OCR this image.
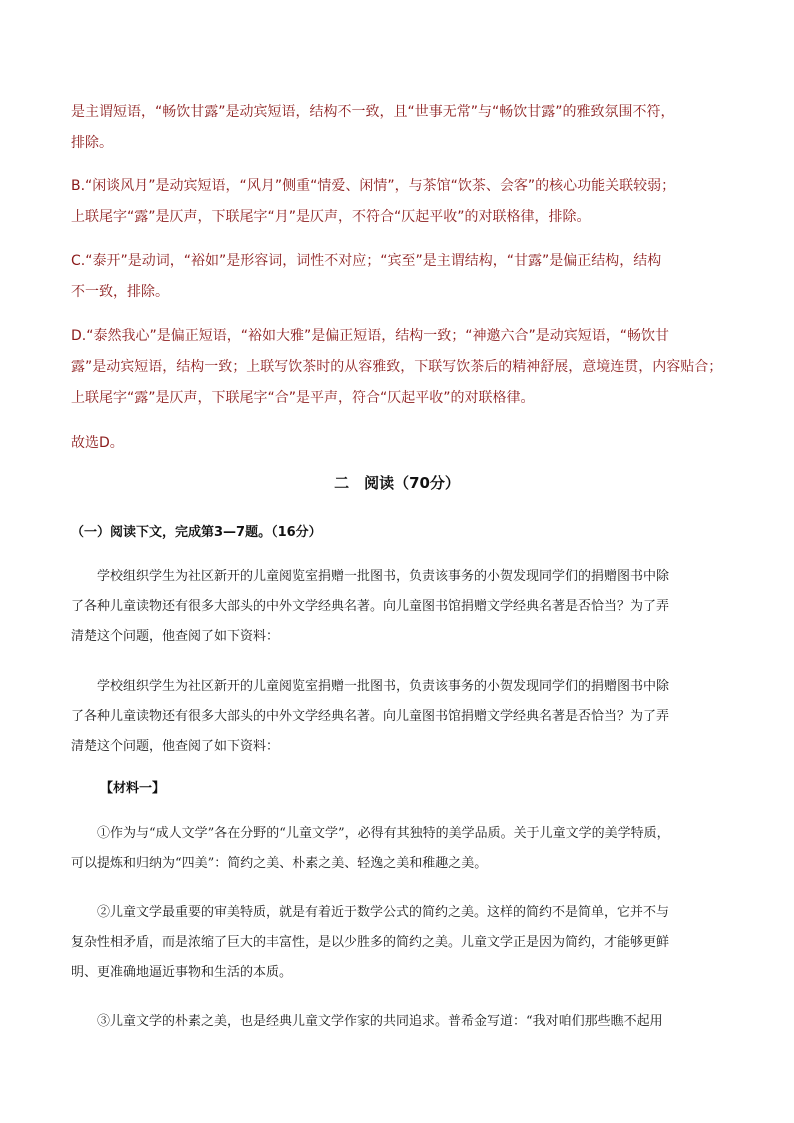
是主谓短语，“畅饮甘露”是动宾短语，结构不一致，且“世事无常”与“畅饮甘露”的雅致氛围不符，
排除。
B.“闲谈风月”是动宾短语，“风月”侧重“情爱、闲情”，与茶馆“饮茶、会客”的核心功能关联较弱；
上联尾字“露”是仄声，下联尾字“月”是仄声，不符合“仄起平收”的对联格律，排除。
C.“泰开”是动词，“裕如”是形容词，词性不对应；“宾至”是主谓结构，“甘露”是偏正结构，结构
不一致，排除。
D.“泰然我心”是偏正短语，“裕如大雅”是偏正短语，结构一致；“神邀六合”是动宾短语，“畅饮甘
露”是动宾短语，结构一致；上联写饮茶时的从容雅致，下联写饮茶后的精神舒展，意境连贯，内容贴合；
上联尾字“露”是仄声，下联尾字“合”是平声，符合“仄起平收”的对联格律。
故选D。
二　阅读（70分）
（一）阅读下文，完成第3—7题。（16分）
学校组织学生为社区新开的儿童阅览室捐赠一批图书，负责该事务的小贺发现同学们的捐赠图书中除
了各种儿童读物还有很多大部头的中外文学经典名著。向儿童图书馆捐赠文学经典名著是否恰当？为了弄
清楚这个问题，他查阅了如下资料：
学校组织学生为社区新开的儿童阅览室捐赠一批图书，负责该事务的小贺发现同学们的捐赠图书中除
了各种儿童读物还有很多大部头的中外文学经典名著。向儿童图书馆捐赠文学经典名著是否恰当？为了弄
清楚这个问题，他查阅了如下资料：
【材料一】
①作为与“成人文学”各在分野的“儿童文学”，必得有其独特的美学品质。关于儿童文学的美学特质，
可以提炼和归纳为“四美”：简约之美、朴素之美、轻逸之美和稚趣之美。
②儿童文学最重要的审美特质，就是有着近于数学公式的简约之美。这样的简约不是简单，它并不与
复杂性相矛盾，而是浓缩了巨大的丰富性，是以少胜多的简约之美。儿童文学正是因为简约，才能够更鲜
明、更准确地逼近事物和生活的本质。
③儿童文学的朴素之美，也是经典儿童文学作家的共同追求。普希金写道：“我对咱们那些瞧不起用
